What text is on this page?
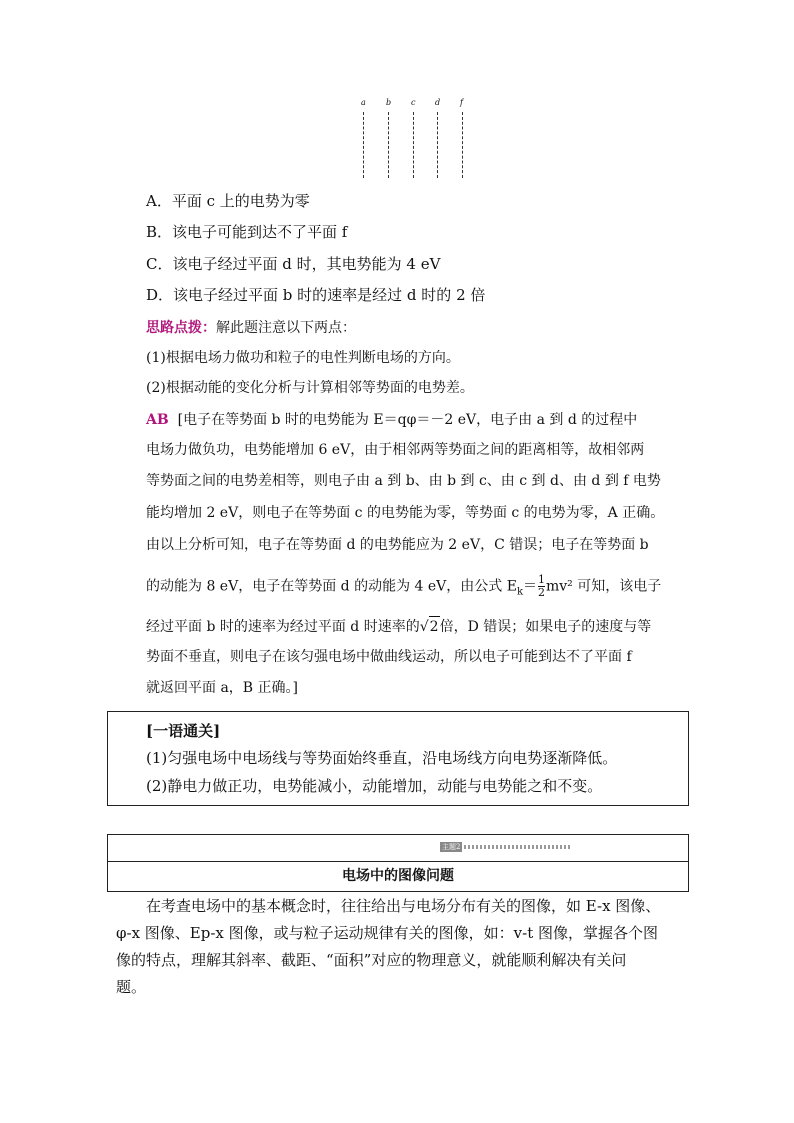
a	b c d f
A．平面 c 上的电势为零
B．该电子可能到达不了平面 f
C．该电子经过平面 d 时，其电势能为 4 eV
D．该电子经过平面 b 时的速率是经过 d 时的 2 倍
思路点拨：解此题注意以下两点：
(1)根据电场力做功和粒子的电性判断电场的方向。
(2)根据动能的变化分析与计算相邻等势面的电势差。
AB [电子在等势面 b 时的电势能为 E＝qφ＝－2 eV，电子由 a 到 d 的过程中
电场力做负功，电势能增加 6 eV，由于相邻两等势面之间的距离相等，故相邻两
等势面之间的电势差相等，则电子由 a 到 b、由 b 到 c、由 c 到 d、由 d 到 f 电势
能均增加 2 eV，则电子在等势面 c 的电势能为零，等势面 c 的电势为零，A 正确。
由以上分析可知，电子在等势面 d 的电势能应为 2 eV，C 错误；电子在等势面 b
的动能为 8 eV，电子在等势面 d 的动能为 4 eV，由公式 $E_k= \frac{1}{2} mv^2$ 可知，该电子
经过平面 b 时的速率为经过平面 d 时速率的√2倍，D 错误；如果电子的速度与等
势面不垂直，则电子在该匀强电场中做曲线运动，所以电子可能到达不了平面 f
就返回平面 a，B 正确。]
[一语通关]
(1)匀强电场中电场线与等势面始终垂直，沿电场线方向电势逐渐降低。
(2)静电力做正功，电势能减小，动能增加，动能与电势能之和不变。
主题2
电场中的图像问题
在考查电场中的基本概念时，往往给出与电场分布有关的图像，如 E-x 图像、
φ-x 图像、Ep-x 图像，或与粒子运动规律有关的图像，如：v-t 图像，掌握各个图
像的特点，理解其斜率、截距、“面积”对应的物理意义，就能顺利解决有关问
题。
